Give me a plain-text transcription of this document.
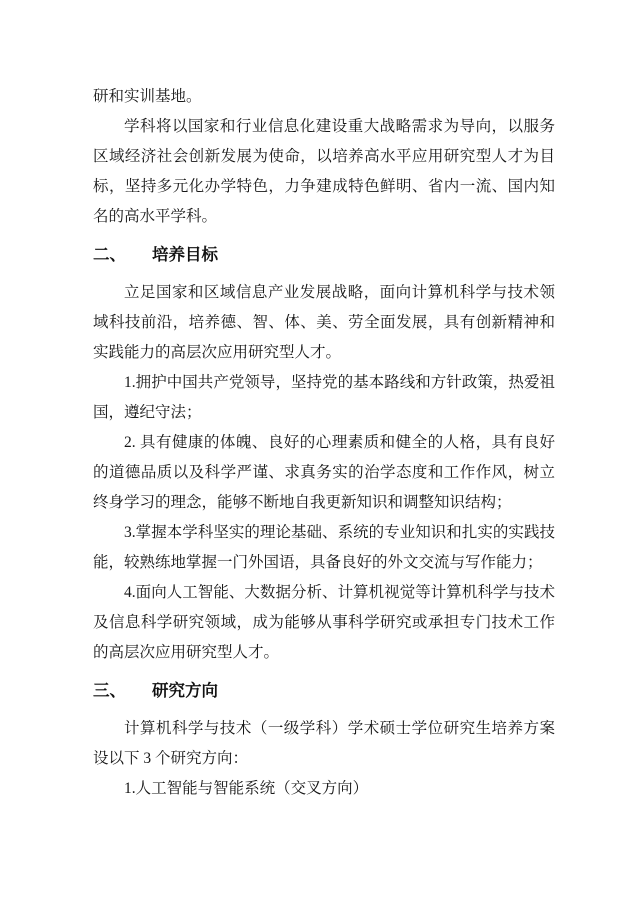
研和实训基地。

学科将以国家和行业信息化建设重大战略需求为导向，以服务区域经济社会创新发展为使命，以培养高水平应用研究型人才为目标，坚持多元化办学特色，力争建成特色鲜明、省内一流、国内知名的高水平学科。

二、 培养目标

立足国家和区域信息产业发展战略，面向计算机科学与技术领域科技前沿，培养德、智、体、美、劳全面发展，具有创新精神和实践能力的高层次应用研究型人才。

1.拥护中国共产党领导，坚持党的基本路线和方针政策，热爱祖国，遵纪守法；

2. 具有健康的体魄、良好的心理素质和健全的人格，具有良好的道德品质以及科学严谨、求真务实的治学态度和工作作风，树立终身学习的理念，能够不断地自我更新知识和调整知识结构；

3.掌握本学科坚实的理论基础、系统的专业知识和扎实的实践技能，较熟练地掌握一门外国语，具备良好的外文交流与写作能力；

4.面向人工智能、大数据分析、计算机视觉等计算机科学与技术及信息科学研究领域，成为能够从事科学研究或承担专门技术工作的高层次应用研究型人才。

三、 研究方向

计算机科学与技术（一级学科）学术硕士学位研究生培养方案设以下 3 个研究方向：

1.人工智能与智能系统（交叉方向）
